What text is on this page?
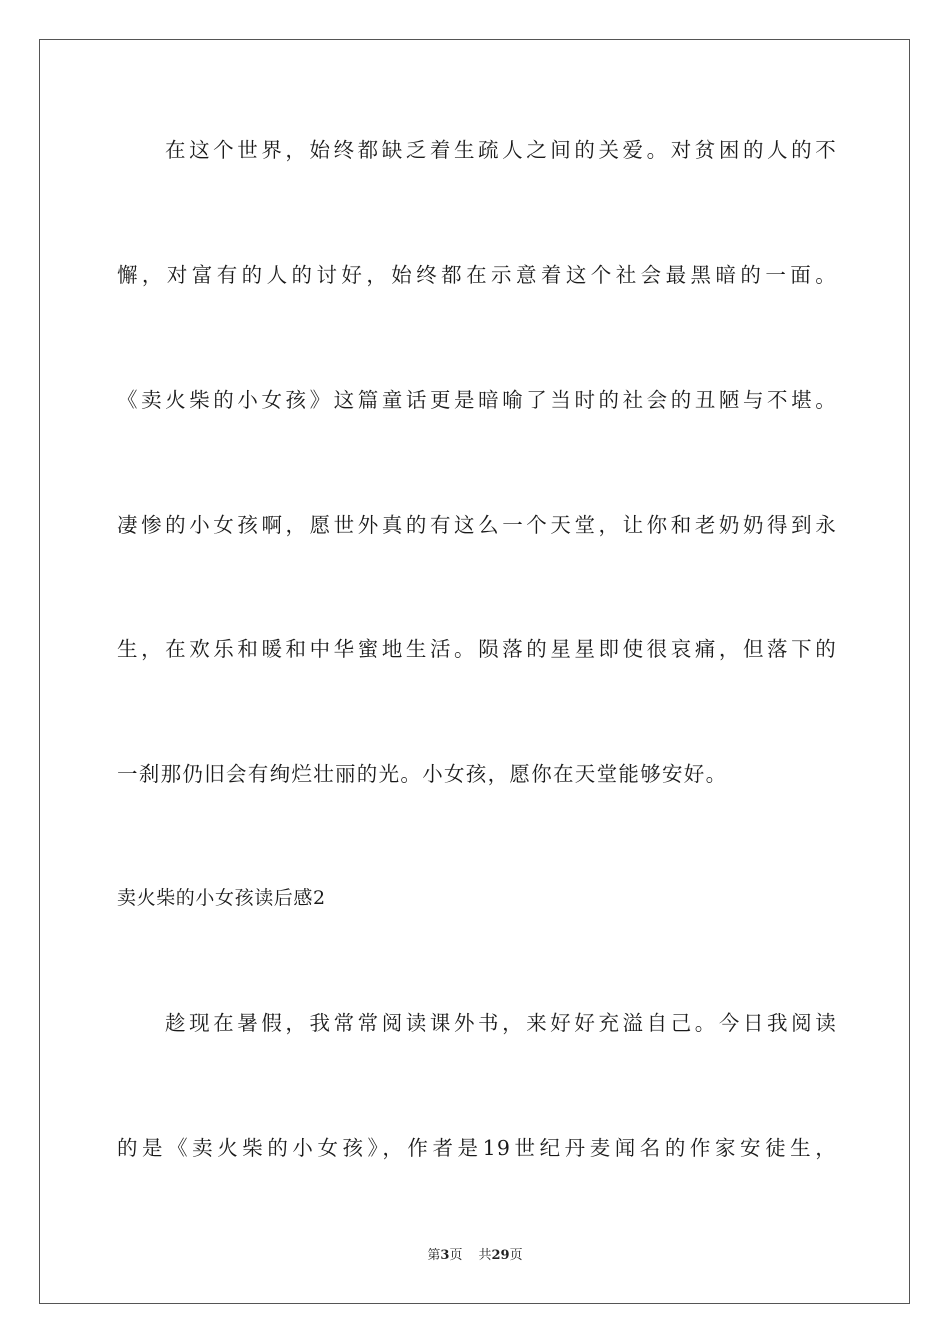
在这个世界，始终都缺乏着生疏人之间的关爱。对贫困的人的不
懈，对富有的人的讨好，始终都在示意着这个社会最黑暗的一面。
《卖火柴的小女孩》这篇童话更是暗喻了当时的社会的丑陋与不堪。
凄惨的小女孩啊，愿世外真的有这么一个天堂，让你和老奶奶得到永
生，在欢乐和暖和中华蜜地生活。陨落的星星即使很哀痛，但落下的
一刹那仍旧会有绚烂壮丽的光。小女孩，愿你在天堂能够安好。
卖火柴的小女孩读后感2
趁现在暑假，我常常阅读课外书，来好好充溢自己。今日我阅读
的是《卖火柴的小女孩》，作者是19世纪丹麦闻名的作家安徒生，
第3页 共29页
